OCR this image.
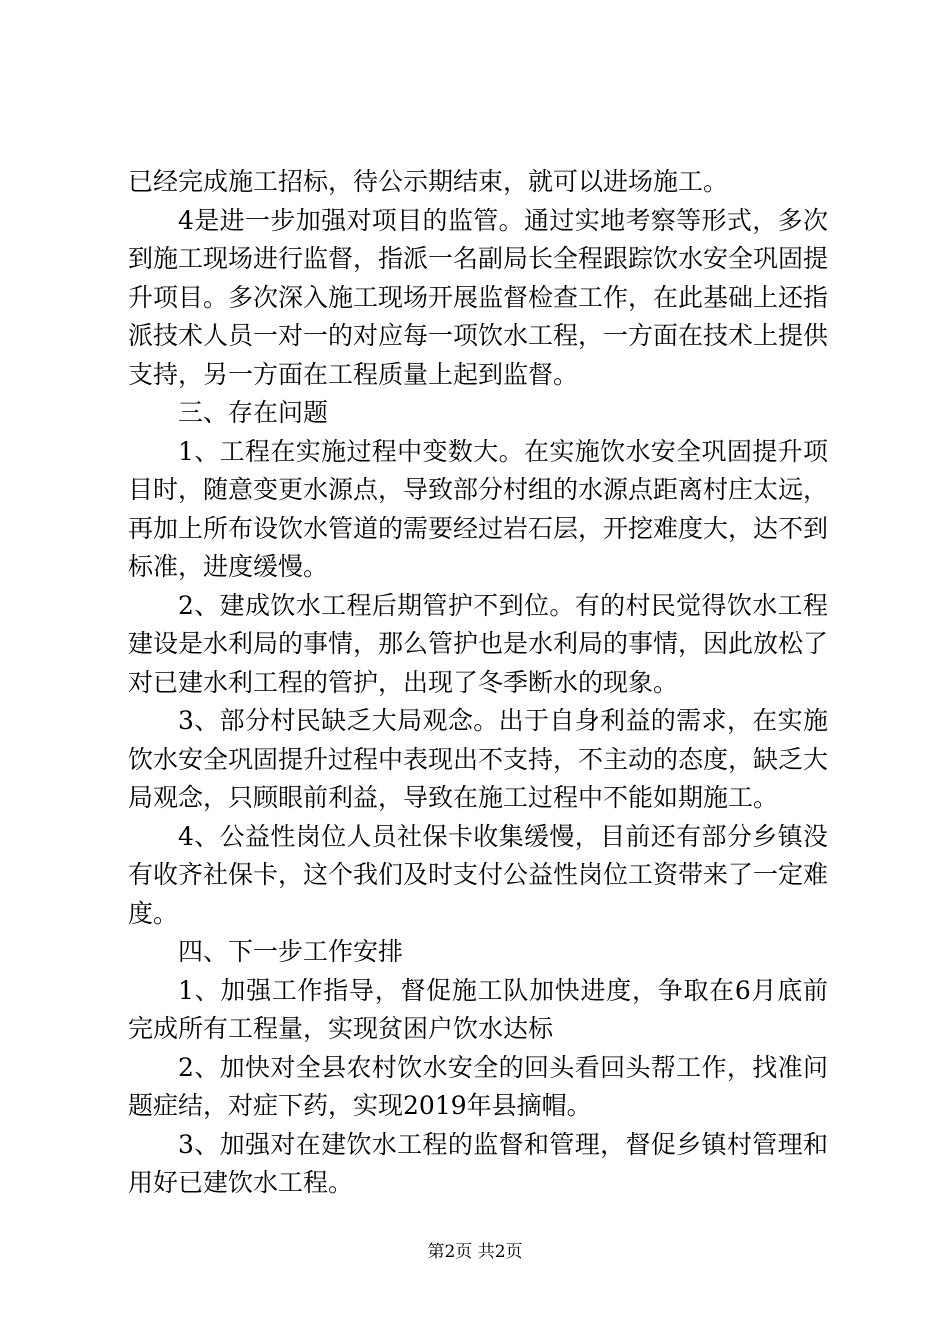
已经完成施工招标，待公示期结束，就可以进场施工。

4是进一步加强对项目的监管。通过实地考察等形式，多次到施工现场进行监督，指派一名副局长全程跟踪饮水安全巩固提升项目。多次深入施工现场开展监督检查工作，在此基础上还指派技术人员一对一的对应每一项饮水工程，一方面在技术上提供支持，另一方面在工程质量上起到监督。

三、存在问题

1、工程在实施过程中变数大。在实施饮水安全巩固提升项目时，随意变更水源点，导致部分村组的水源点距离村庄太远，再加上所布设饮水管道的需要经过岩石层，开挖难度大，达不到标准，进度缓慢。

2、建成饮水工程后期管护不到位。有的村民觉得饮水工程建设是水利局的事情，那么管护也是水利局的事情，因此放松了对已建水利工程的管护，出现了冬季断水的现象。

3、部分村民缺乏大局观念。出于自身利益的需求，在实施饮水安全巩固提升过程中表现出不支持，不主动的态度，缺乏大局观念，只顾眼前利益，导致在施工过程中不能如期施工。

4、公益性岗位人员社保卡收集缓慢，目前还有部分乡镇没有收齐社保卡，这个我们及时支付公益性岗位工资带来了一定难度。

四、下一步工作安排

1、加强工作指导，督促施工队加快进度，争取在6月底前完成所有工程量，实现贫困户饮水达标

2、加快对全县农村饮水安全的回头看回头帮工作，找准问题症结，对症下药，实现2019年县摘帽。

3、加强对在建饮水工程的监督和管理，督促乡镇村管理和用好已建饮水工程。

第2页 共2页
